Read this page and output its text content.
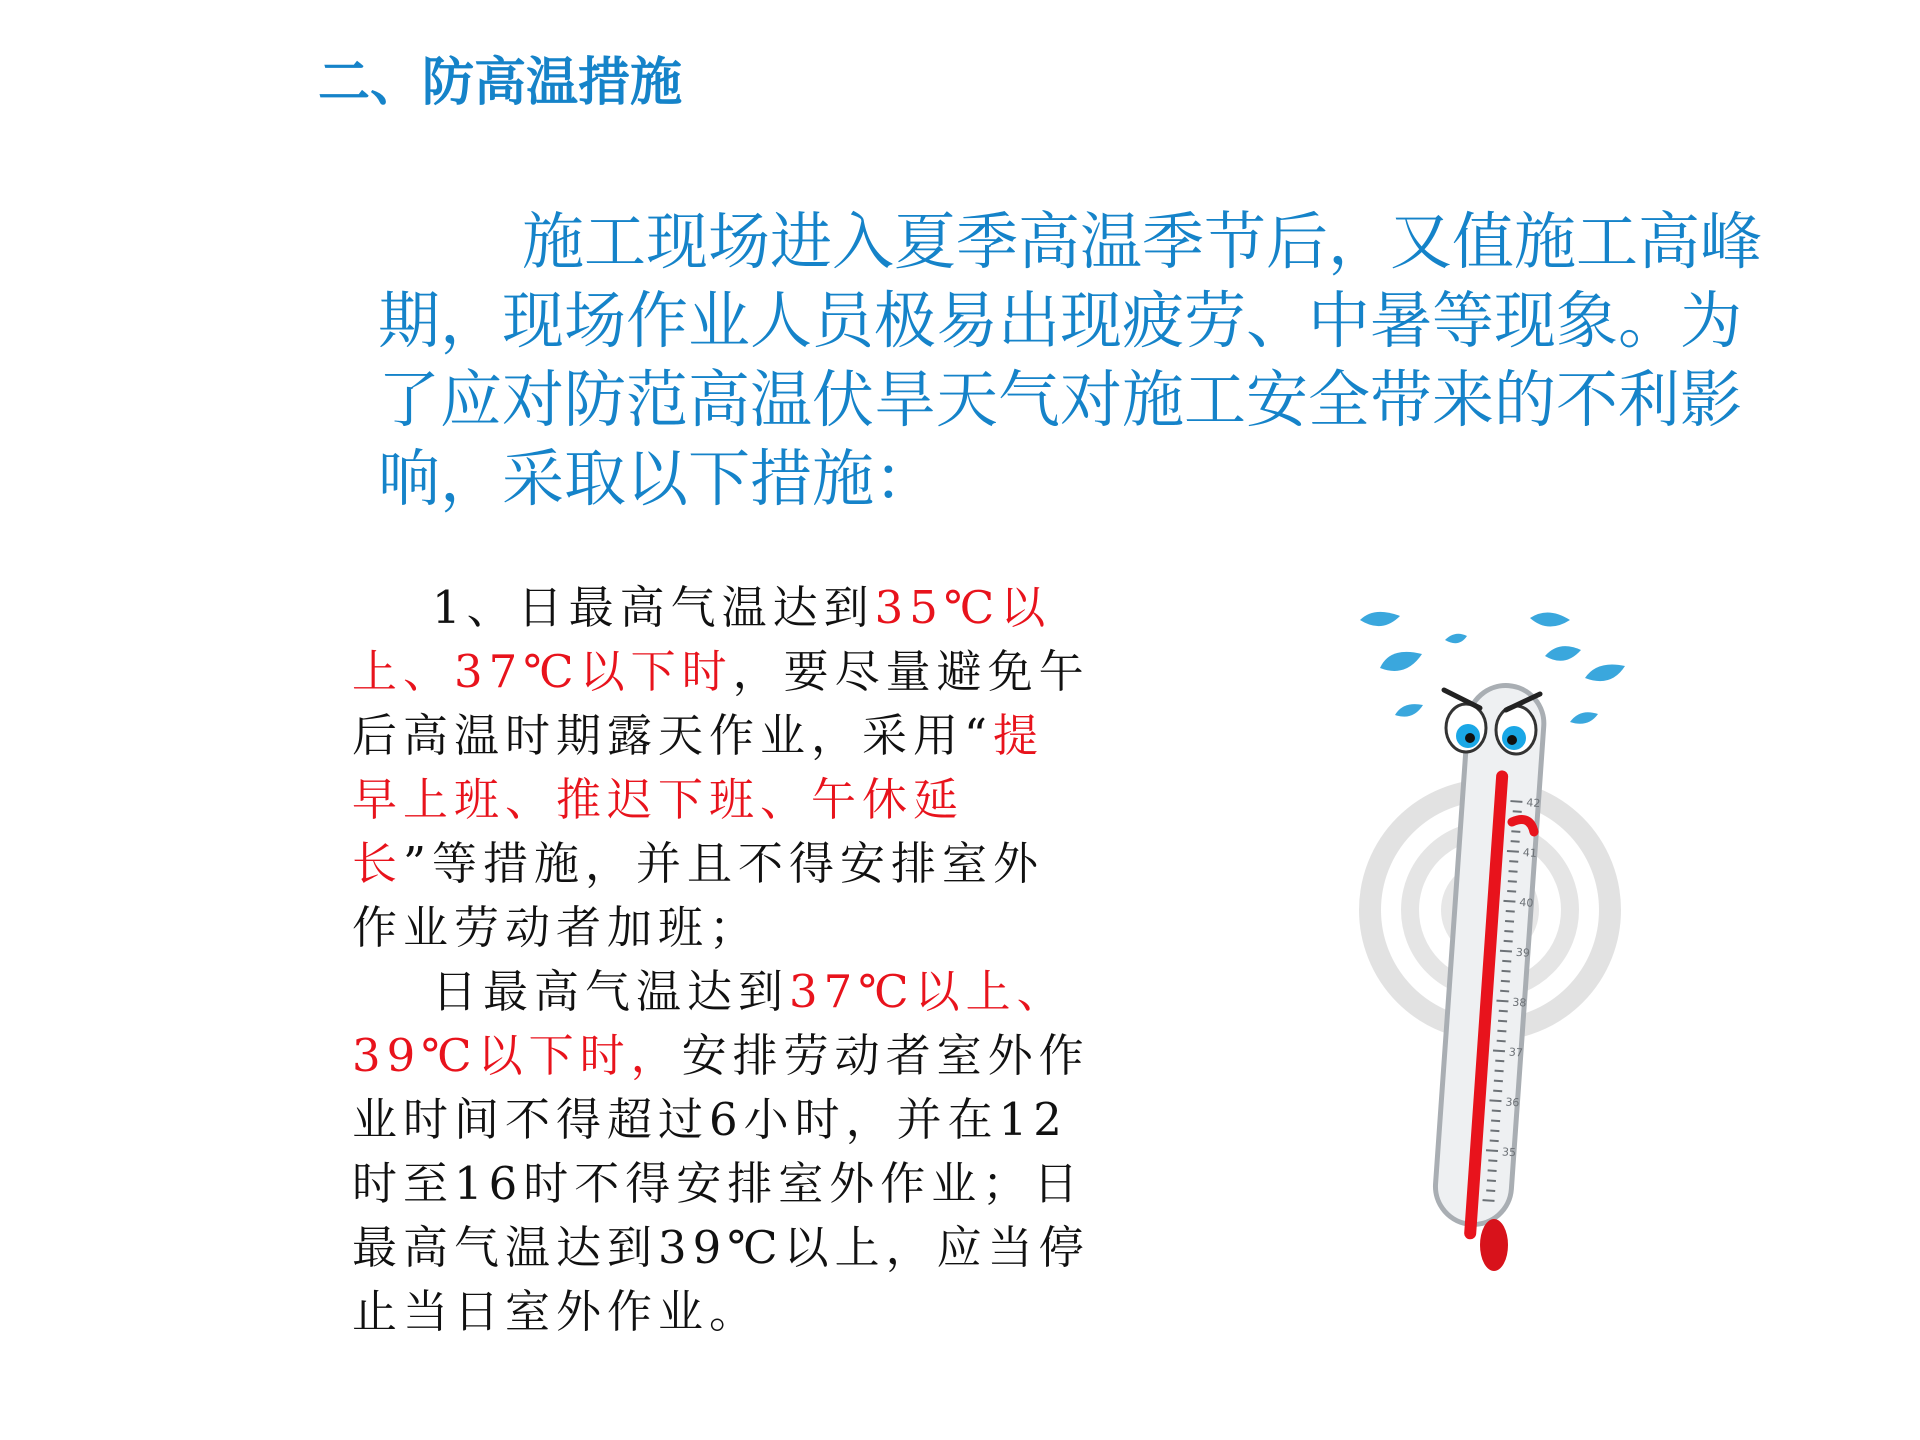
二、防高温措施

施工现场进入夏季高温季节后，又值施工高峰期，现场作业人员极易出现疲劳、中暑等现象。为了应对防范高温伏旱天气对施工安全带来的不利影响，采取以下措施：

1、日最高气温达到35℃以上、37℃以下时，要尽量避免午后高温时期露天作业，采用“提早上班、推迟下班、午休延长”等措施，并且不得安排室外作业劳动者加班；

日最高气温达到37℃以上、39℃以下时，安排劳动者室外作业时间不得超过6小时，并在12时至16时不得安排室外作业；日最高气温达到39℃以上，应当停止当日室外作业。

42
41
40
39
38
37
36
35
